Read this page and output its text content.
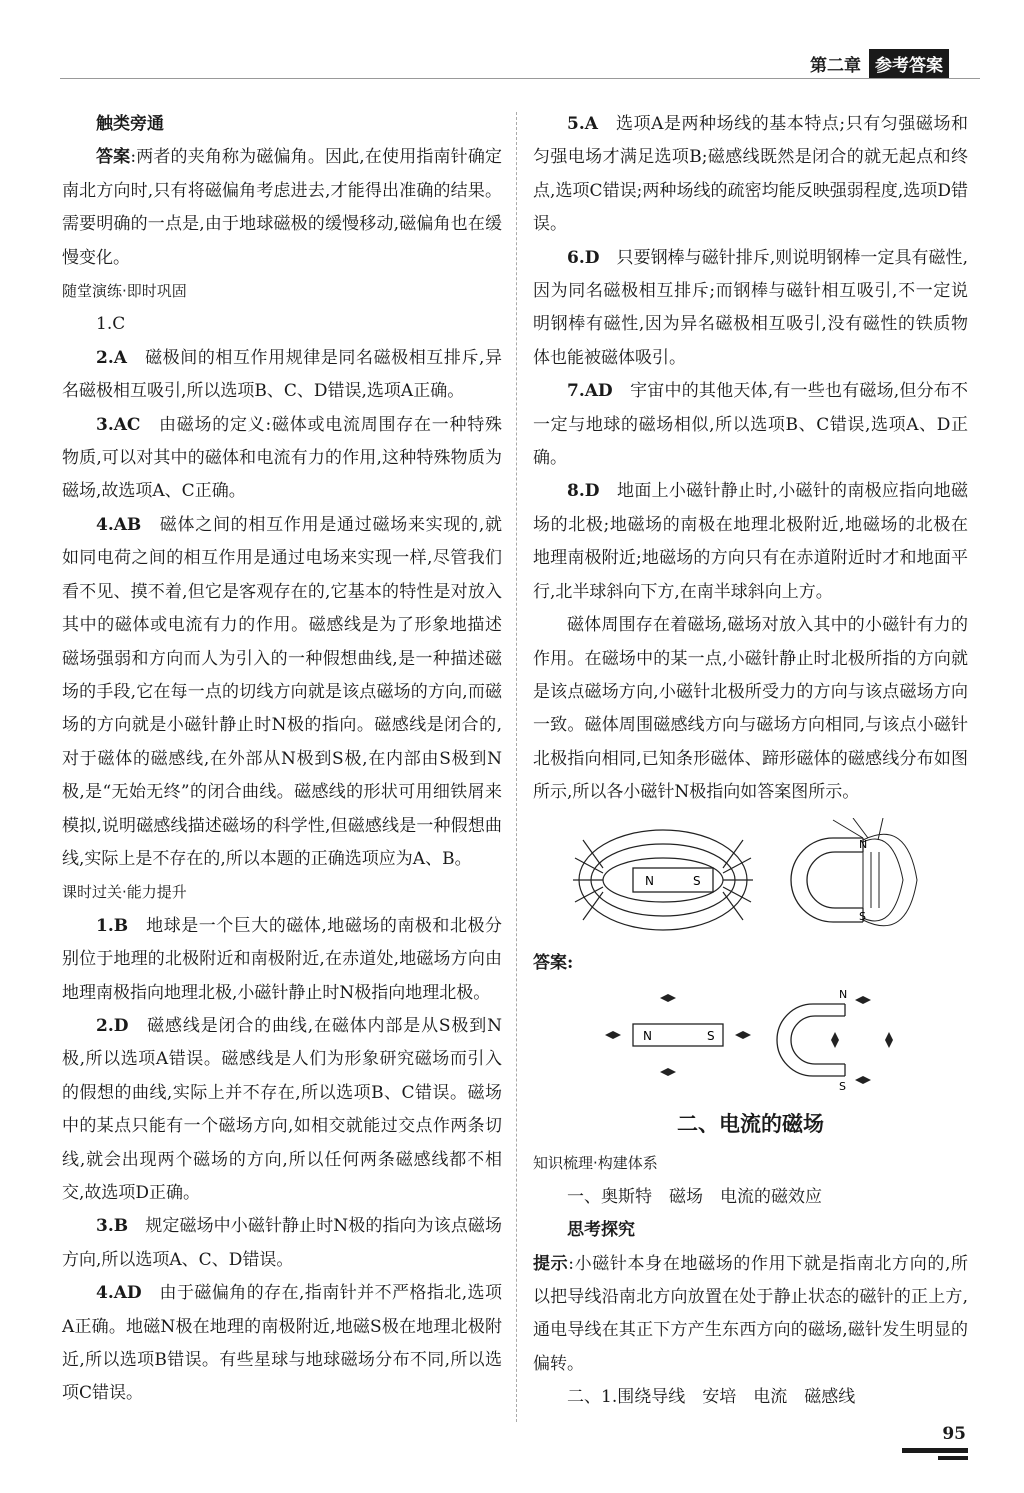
第二章 参考答案

触类旁通

答案:两者的夹角称为磁偏角。因此,在使用指南针确定南北方向时,只有将磁偏角考虑进去,才能得出准确的结果。需要明确的一点是,由于地球磁极的缓慢移动,磁偏角也在缓慢变化。

随堂演练·即时巩固

1.C

2.A　磁极间的相互作用规律是同名磁极相互排斥,异名磁极相互吸引,所以选项B、C、D错误,选项A正确。

3.AC　由磁场的定义:磁体或电流周围存在一种特殊物质,可以对其中的磁体和电流有力的作用,这种特殊物质为磁场,故选项A、C正确。

4.AB　磁体之间的相互作用是通过磁场来实现的,就如同电荷之间的相互作用是通过电场来实现一样,尽管我们看不见、摸不着,但它是客观存在的,它基本的特性是对放入其中的磁体或电流有力的作用。磁感线是为了形象地描述磁场强弱和方向而人为引入的一种假想曲线,是一种描述磁场的手段,它在每一点的切线方向就是该点磁场的方向,而磁场的方向就是小磁针静止时N极的指向。磁感线是闭合的,对于磁体的磁感线,在外部从N极到S极,在内部由S极到N极,是“无始无终”的闭合曲线。磁感线的形状可用细铁屑来模拟,说明磁感线描述磁场的科学性,但磁感线是一种假想曲线,实际上是不存在的,所以本题的正确选项应为A、B。

课时过关·能力提升

1.B　地球是一个巨大的磁体,地磁场的南极和北极分别位于地理的北极附近和南极附近,在赤道处,地磁场方向由地理南极指向地理北极,小磁针静止时N极指向地理北极。

2.D　磁感线是闭合的曲线,在磁体内部是从S极到N极,所以选项A错误。磁感线是人们为形象研究磁场而引入的假想的曲线,实际上并不存在,所以选项B、C错误。磁场中的某点只能有一个磁场方向,如相交就能过交点作两条切线,就会出现两个磁场的方向,所以任何两条磁感线都不相交,故选项D正确。

3.B　规定磁场中小磁针静止时N极的指向为该点磁场方向,所以选项A、C、D错误。

4.AD　由于磁偏角的存在,指南针并不严格指北,选项A正确。地磁N极在地理的南极附近,地磁S极在地理北极附近,所以选项B错误。有些星球与地球磁场分布不同,所以选项C错误。

5.A　选项A是两种场线的基本特点;只有匀强磁场和匀强电场才满足选项B;磁感线既然是闭合的就无起点和终点,选项C错误;两种场线的疏密均能反映强弱程度,选项D错误。

6.D　只要钢棒与磁针排斥,则说明钢棒一定具有磁性,因为同名磁极相互排斥;而钢棒与磁针相互吸引,不一定说明钢棒有磁性,因为异名磁极相互吸引,没有磁性的铁质物体也能被磁体吸引。

7.AD　宇宙中的其他天体,有一些也有磁场,但分布不一定与地球的磁场相似,所以选项B、C错误,选项A、D正确。

8.D　地面上小磁针静止时,小磁针的南极应指向地磁场的北极;地磁场的南极在地理北极附近,地磁场的北极在地理南极附近;地磁场的方向只有在赤道附近时才和地面平行,北半球斜向下方,在南半球斜向上方。

磁体周围存在着磁场,磁场对放入其中的小磁针有力的作用。在磁场中的某一点,小磁针静止时北极所指的方向就是该点磁场方向,小磁针北极所受力的方向与该点磁场方向一致。磁体周围磁感线方向与磁场方向相同,与该点小磁针北极指向相同,已知条形磁体、蹄形磁体的磁感线分布如图所示,所以各小磁针N极指向如答案图所示。

N	S
N
S

答案:

N	S
N
S

二、电流的磁场

知识梳理·构建体系

一、奥斯特　磁场　电流的磁效应

思考探究

提示:小磁针本身在地磁场的作用下就是指南北方向的,所以把导线沿南北方向放置在处于静止状态的磁针的正上方,通电导线在其正下方产生东西方向的磁场,磁针发生明显的偏转。

二、1.围绕导线　安培　电流　磁感线

95
